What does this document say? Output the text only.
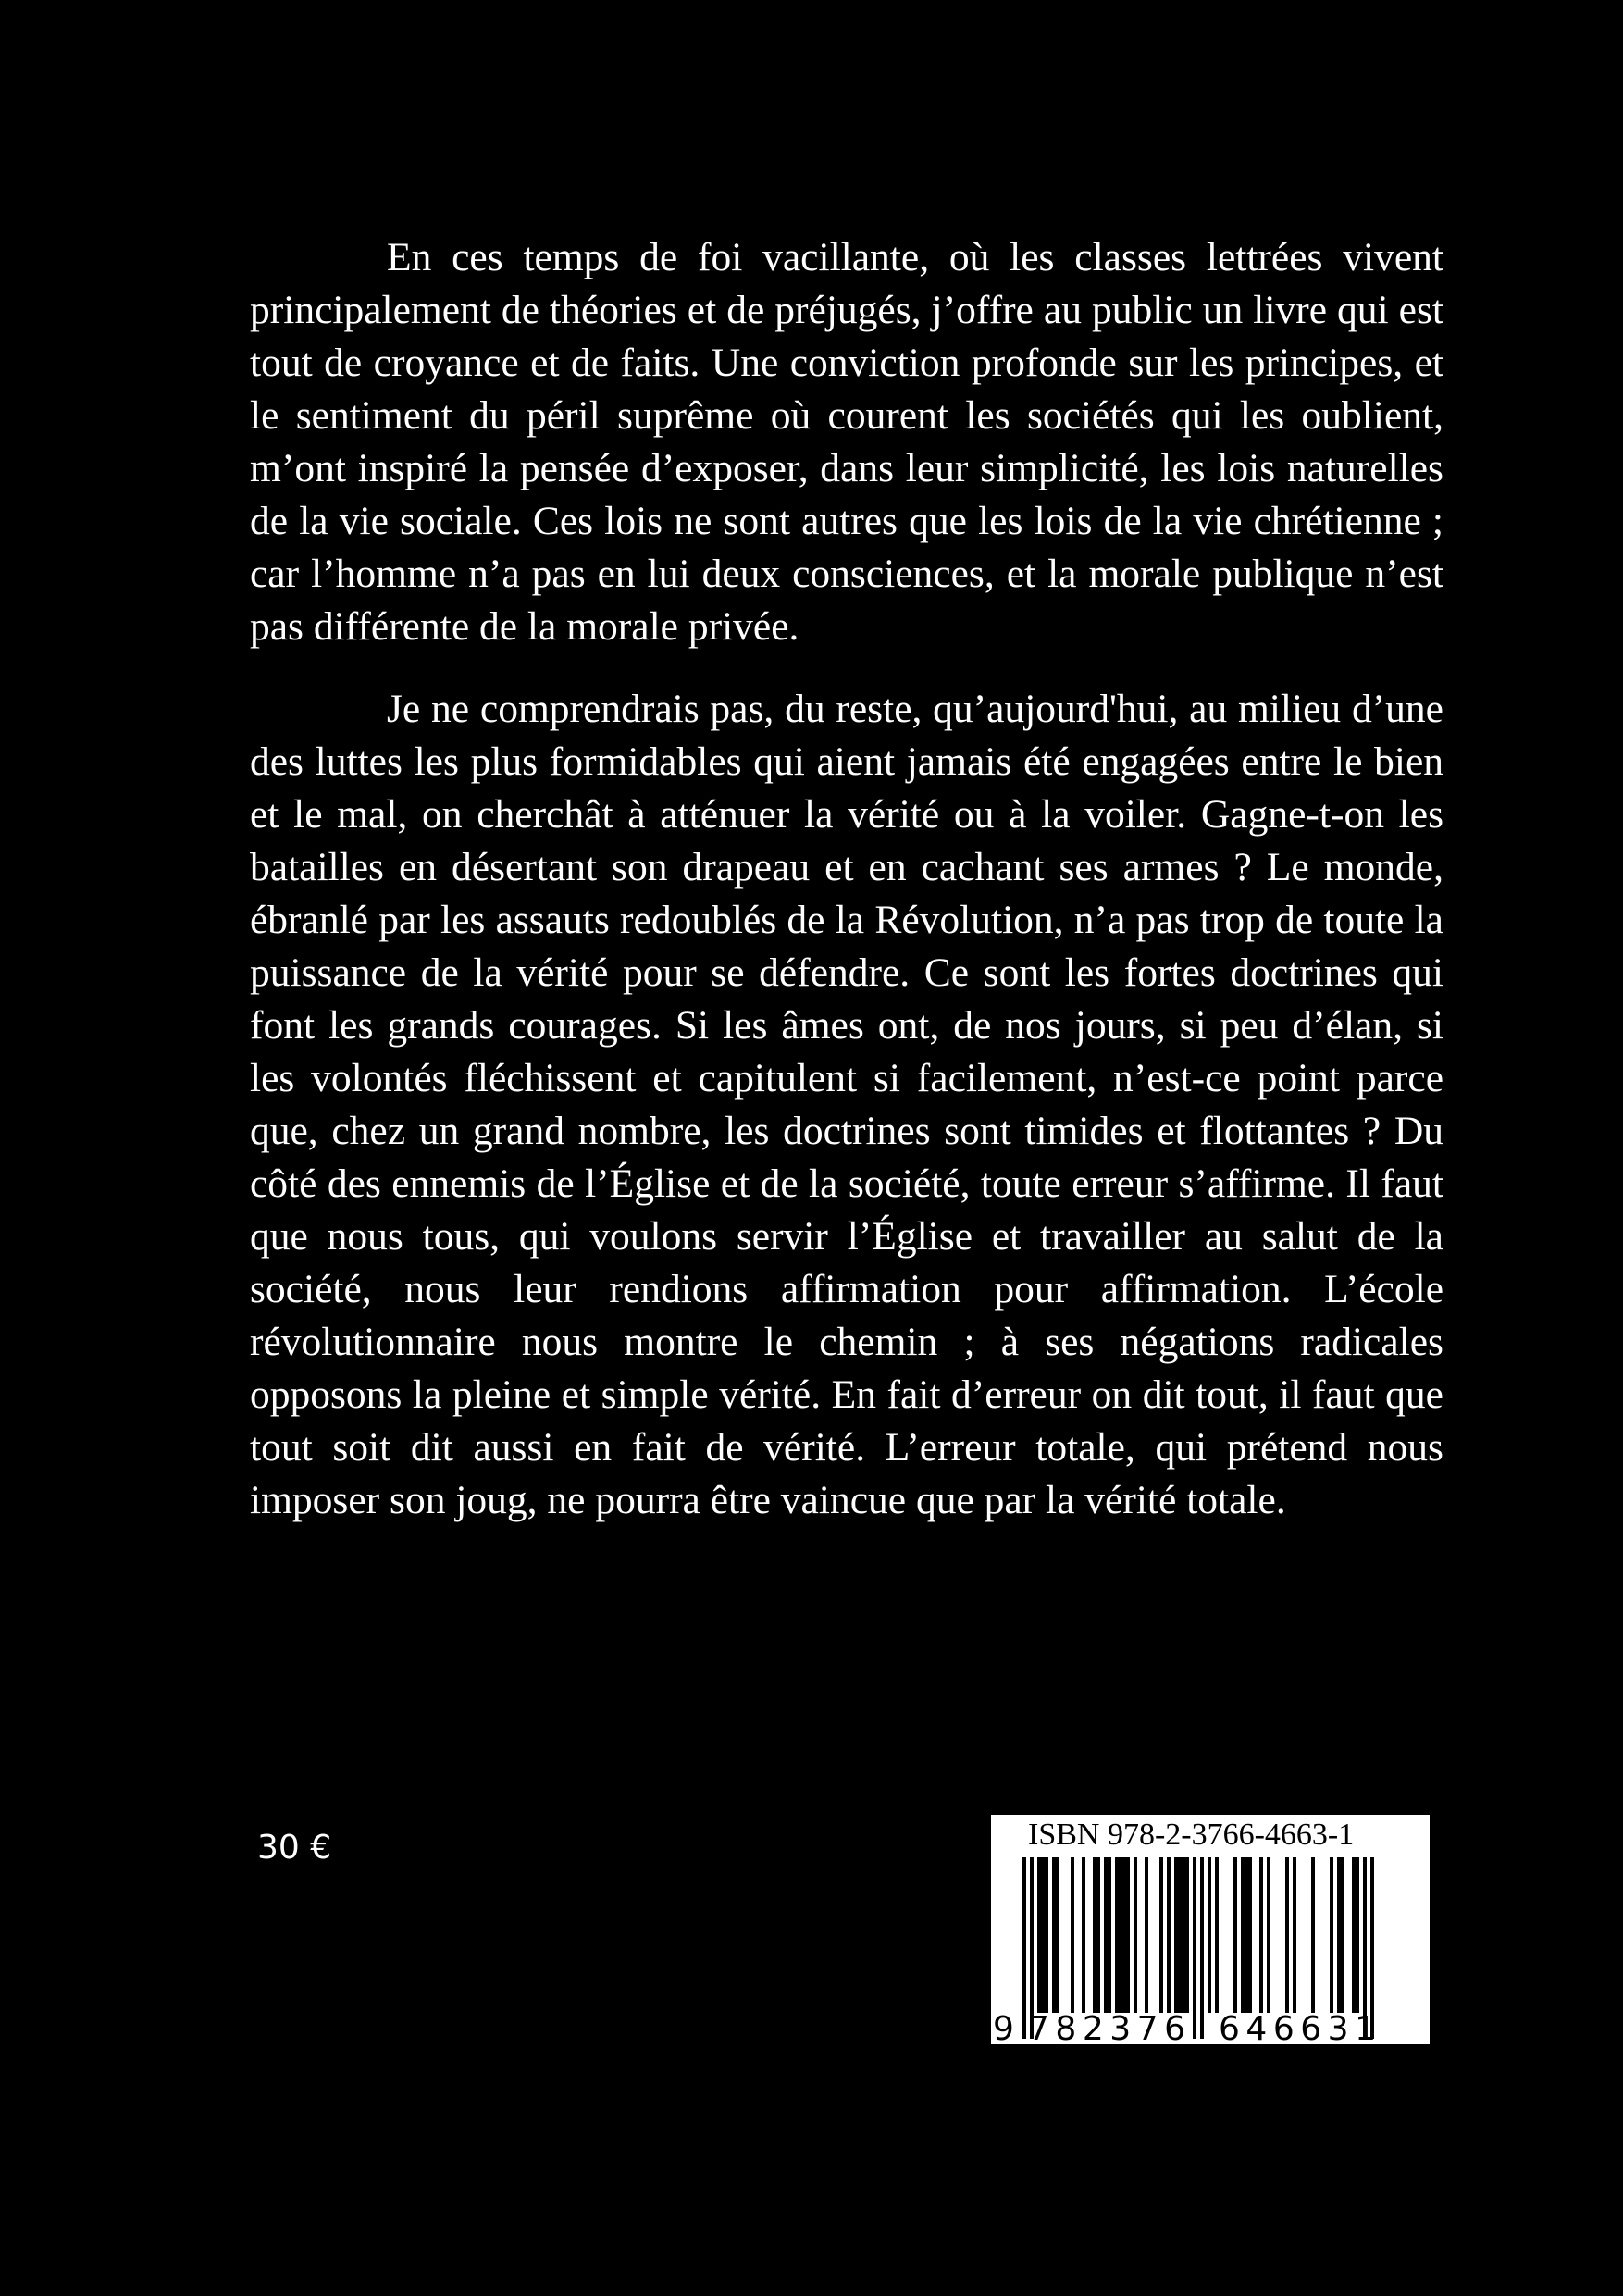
En ces temps de foi vacillante, où les classes lettrées vivent principalement de théories et de préjugés, j’offre au public un livre qui est tout de croyance et de faits. Une conviction profonde sur les principes, et le sentiment du péril suprême où courent les sociétés qui les oublient, m’ont inspiré la pensée d’exposer, dans leur simplicité, les lois naturelles de la vie sociale. Ces lois ne sont autres que les lois de la vie chrétienne ; car l’homme n’a pas en lui deux consciences, et la morale publique n’est pas différente de la morale privée.

Je ne comprendrais pas, du reste, qu’aujourd'hui, au milieu d’une des luttes les plus formidables qui aient jamais été engagées entre le bien et le mal, on cherchât à atténuer la vérité ou à la voiler. Gagne-t-on les batailles en désertant son drapeau et en cachant ses armes ? Le monde, ébranlé par les assauts redoublés de la Révolution, n’a pas trop de toute la puissance de la vérité pour se défendre. Ce sont les fortes doctrines qui font les grands courages. Si les âmes ont, de nos jours, si peu d’élan, si les volontés fléchissent et capitulent si facilement, n’est-ce point parce que, chez un grand nombre, les doctrines sont timides et flottantes ? Du côté des ennemis de l’Église et de la société, toute erreur s’affirme. Il faut que nous tous, qui voulons servir l’Église et travailler au salut de la société, nous leur rendions affirmation pour affirmation. L’école révolutionnaire nous montre le chemin ; à ses négations radicales opposons la pleine et simple vérité. En fait d’erreur on dit tout, il faut que tout soit dit aussi en fait de vérité. L’erreur totale, qui prétend nous imposer son joug, ne pourra être vaincue que par la vérité totale.

30 €	ISBN 978-2-3766-4663-1
9 782376 646631
